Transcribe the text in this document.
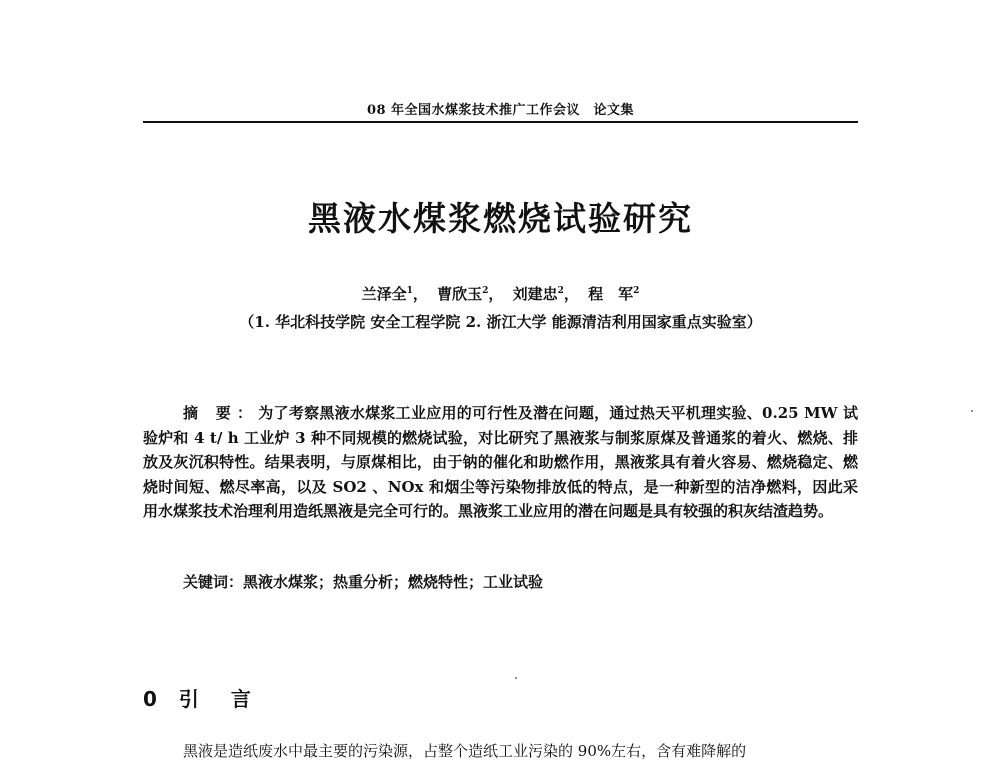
08 年全国水煤浆技术推广工作会议　论文集
黑液水煤浆燃烧试验研究
兰泽全$^1$， 曹欣玉$^2$， 刘建忠$^2$， 程　军$^2$
（1. 华北科技学院 安全工程学院 2. 浙江大学 能源清洁利用国家重点实验室）

摘 要：为了考察黑液水煤浆工业应用的可行性及潜在问题，通过热天平机理实验、0.25 MW 试验炉和 4 t/ h 工业炉 3 种不同规模的燃烧试验，对比研究了黑液浆与制浆原煤及普通浆的着火、燃烧、排放及灰沉积特性。结果表明，与原煤相比，由于钠的催化和助燃作用，黑液浆具有着火容易、燃烧稳定、燃烧时间短、燃尽率高，以及 SO2 、NOx 和烟尘等污染物排放低的特点，是一种新型的洁净燃料，因此采用水煤浆技术治理利用造纸黑液是完全可行的。黑液浆工业应用的潜在问题是具有较强的积灰结渣趋势。

关键词：黑液水煤浆；热重分析；燃烧特性；工业试验
0 引言
黑液是造纸废水中最主要的污染源，占整个造纸工业污染的 90%左右，含有难降解的
